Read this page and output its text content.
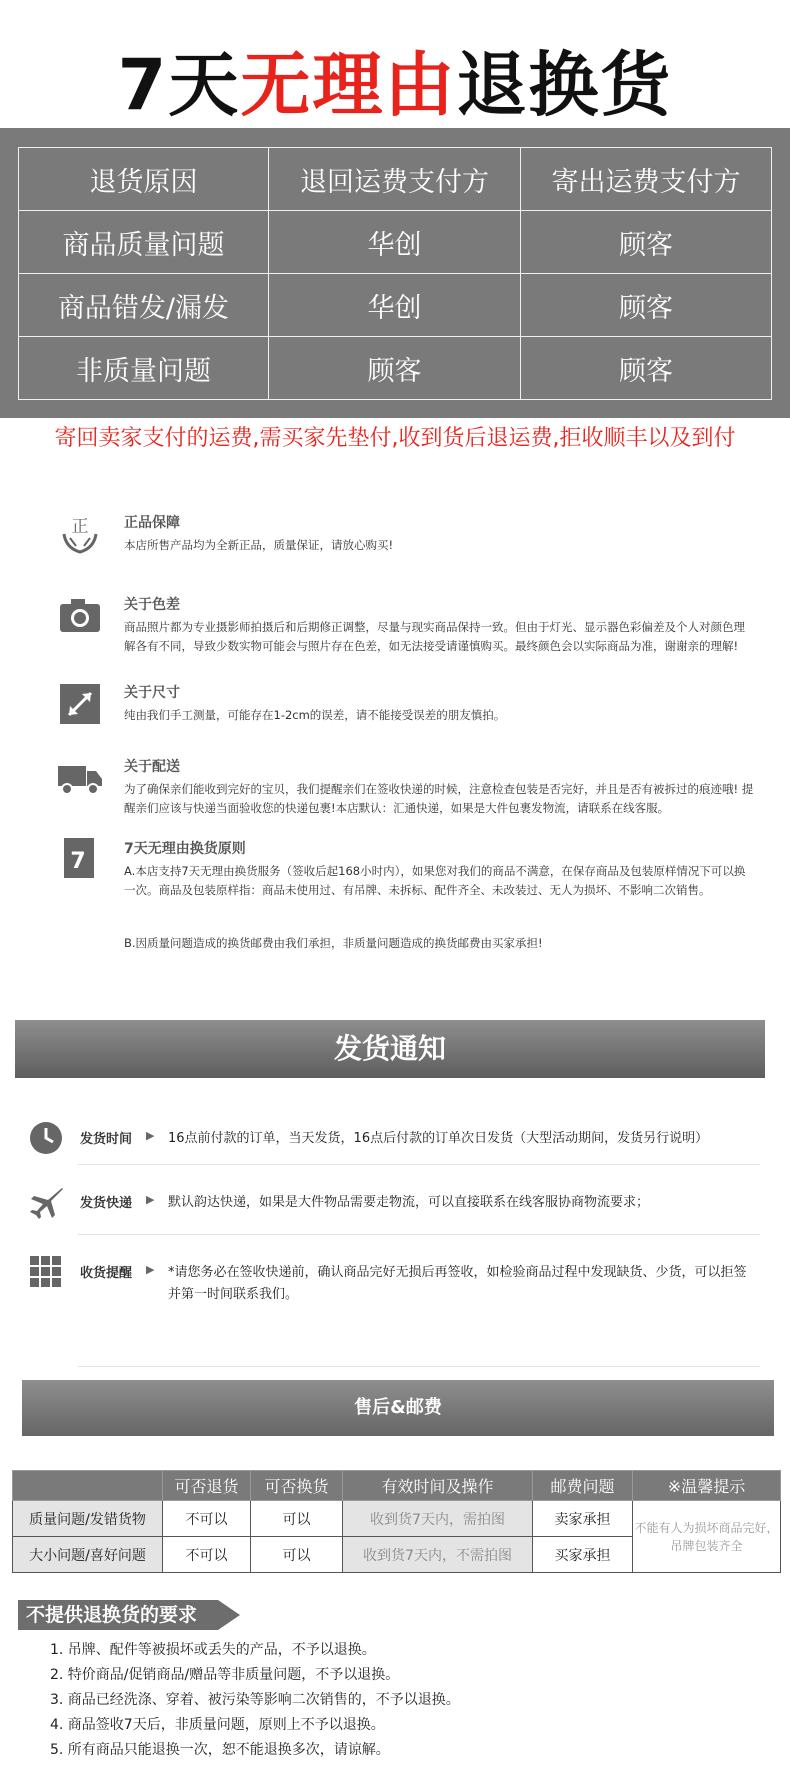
7天无理由退换货
退货原因	退回运费支付方	寄出运费支付方
商品质量问题	华创	顾客
商品错发/漏发	华创	顾客
非质量问题	顾客	顾客
寄回卖家支付的运费,需买家先垫付,收到货后退运费,拒收顺丰以及到付
正	正品保障
本店所售产品均为全新正品，质量保证，请放心购买!
关于色差
商品照片都为专业摄影师拍摄后和后期修正调整，尽量与现实商品保持一致。但由于灯光、显示器色彩偏差及个人对颜色理解各有不同，导致少数实物可能会与照片存在色差，如无法接受请谨慎购买。最终颜色会以实际商品为准，谢谢亲的理解!
关于尺寸
纯由我们手工测量，可能存在1-2cm的误差，请不能接受误差的朋友慎拍。
关于配送
为了确保亲们能收到完好的宝贝，我们提醒亲们在签收快递的时候，注意检查包装是否完好，并且是否有被拆过的痕迹哦! 提醒亲们应该与快递当面验收您的快递包裹!本店默认：汇通快递，如果是大件包裹发物流，请联系在线客服。
7	7天无理由换货原则
A.本店支持7天无理由换货服务（签收后起168小时内），如果您对我们的商品不满意，在保存商品及包装原样情况下可以换一次。商品及包装原样指：商品未使用过、有吊牌、未拆标、配件齐全、未改装过、无人为损坏、不影响二次销售。
B.因质量问题造成的换货邮费由我们承担，非质量问题造成的换货邮费由买家承担!
发货通知
发货时间 ▶ 16点前付款的订单，当天发货，16点后付款的订单次日发货（大型活动期间，发货另行说明）
发货快递 ▶ 默认韵达快递，如果是大件物品需要走物流，可以直接联系在线客服协商物流要求；
收货提醒 ▶ *请您务必在签收快递前，确认商品完好无损后再签收，如检验商品过程中发现缺货、少货，可以拒签并第一时间联系我们。
售后&邮费
	可否退货	可否换货	有效时间及操作	邮费问题	※温馨提示
质量问题/发错货物	不可以	可以	收到货7天内，需拍图	卖家承担	不能有人为损坏商品完好，吊牌包装齐全
大小问题/喜好问题	不可以	可以	收到货7天内，不需拍图	买家承担	
不提供退换货的要求
1. 吊牌、配件等被损坏或丢失的产品，不予以退换。
2. 特价商品/促销商品/赠品等非质量问题，不予以退换。
3. 商品已经洗涤、穿着、被污染等影响二次销售的，不予以退换。
4. 商品签收7天后，非质量问题，原则上不予以退换。
5. 所有商品只能退换一次，恕不能退换多次，请谅解。
